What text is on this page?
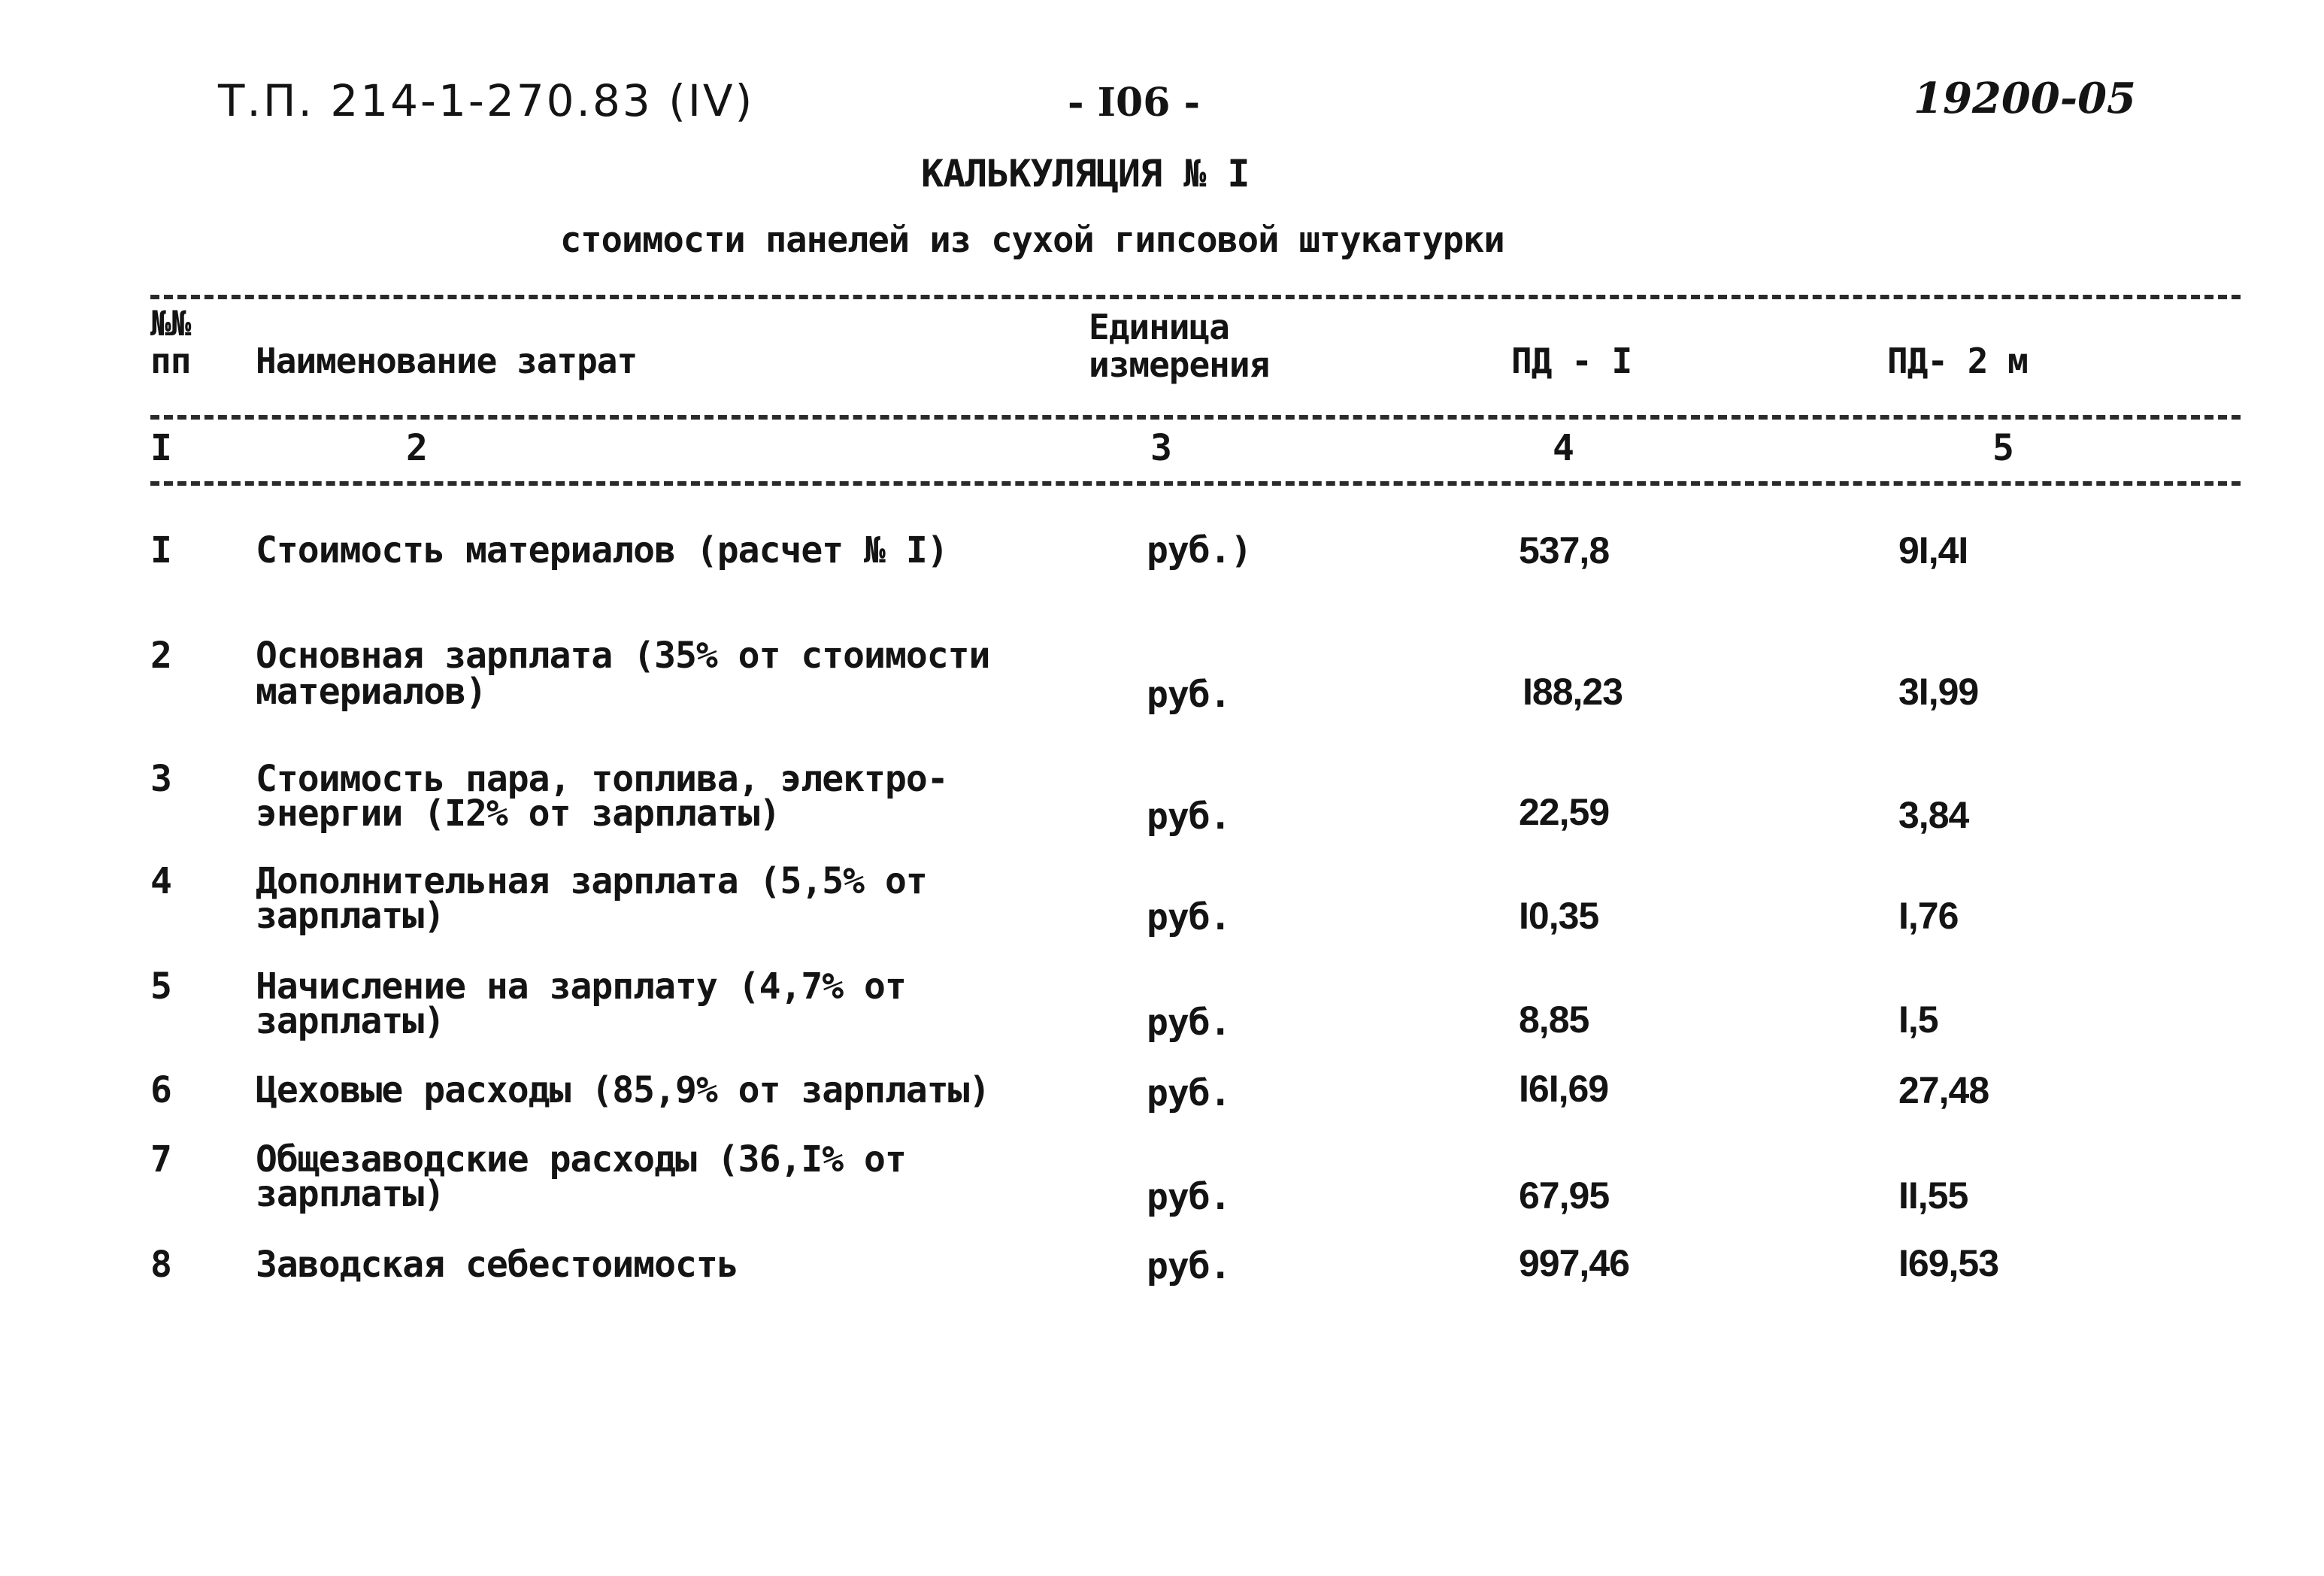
Т.П. 214-1-270.83 (IV)	- I06 -	19200-05
КАЛЬКУЛЯЦИЯ № I
стоимости панелей из сухой гипсовой штукатурки
№№
пп Наименование затрат
Единица
измерения	ПД - I	ПД- 2 м
I	2	3	4	5
I Стоимость материалов (расчет № I)	руб.)	537,8	9I,4I
2 Основная зарплата (35% от стоимости
материалов)	руб.	I88,23	3I,99
3 Стоимость пара, топлива, электро-
энергии (I2% от зарплаты)	руб.	22,59	3,84
4 Дополнительная зарплата (5,5% от
зарплаты)	руб.	I0,35	I,76
5 Начисление на зарплату (4,7% от
зарплаты)	руб.	8,85	I,5
6 Цеховые расходы (85,9% от зарплаты)	руб.	I6I,69	27,48
7 Общезаводские расходы (36,I% от
зарплаты)	руб.	67,95	II,55
8 Заводская себестоимость	руб.	997,46	I69,53
